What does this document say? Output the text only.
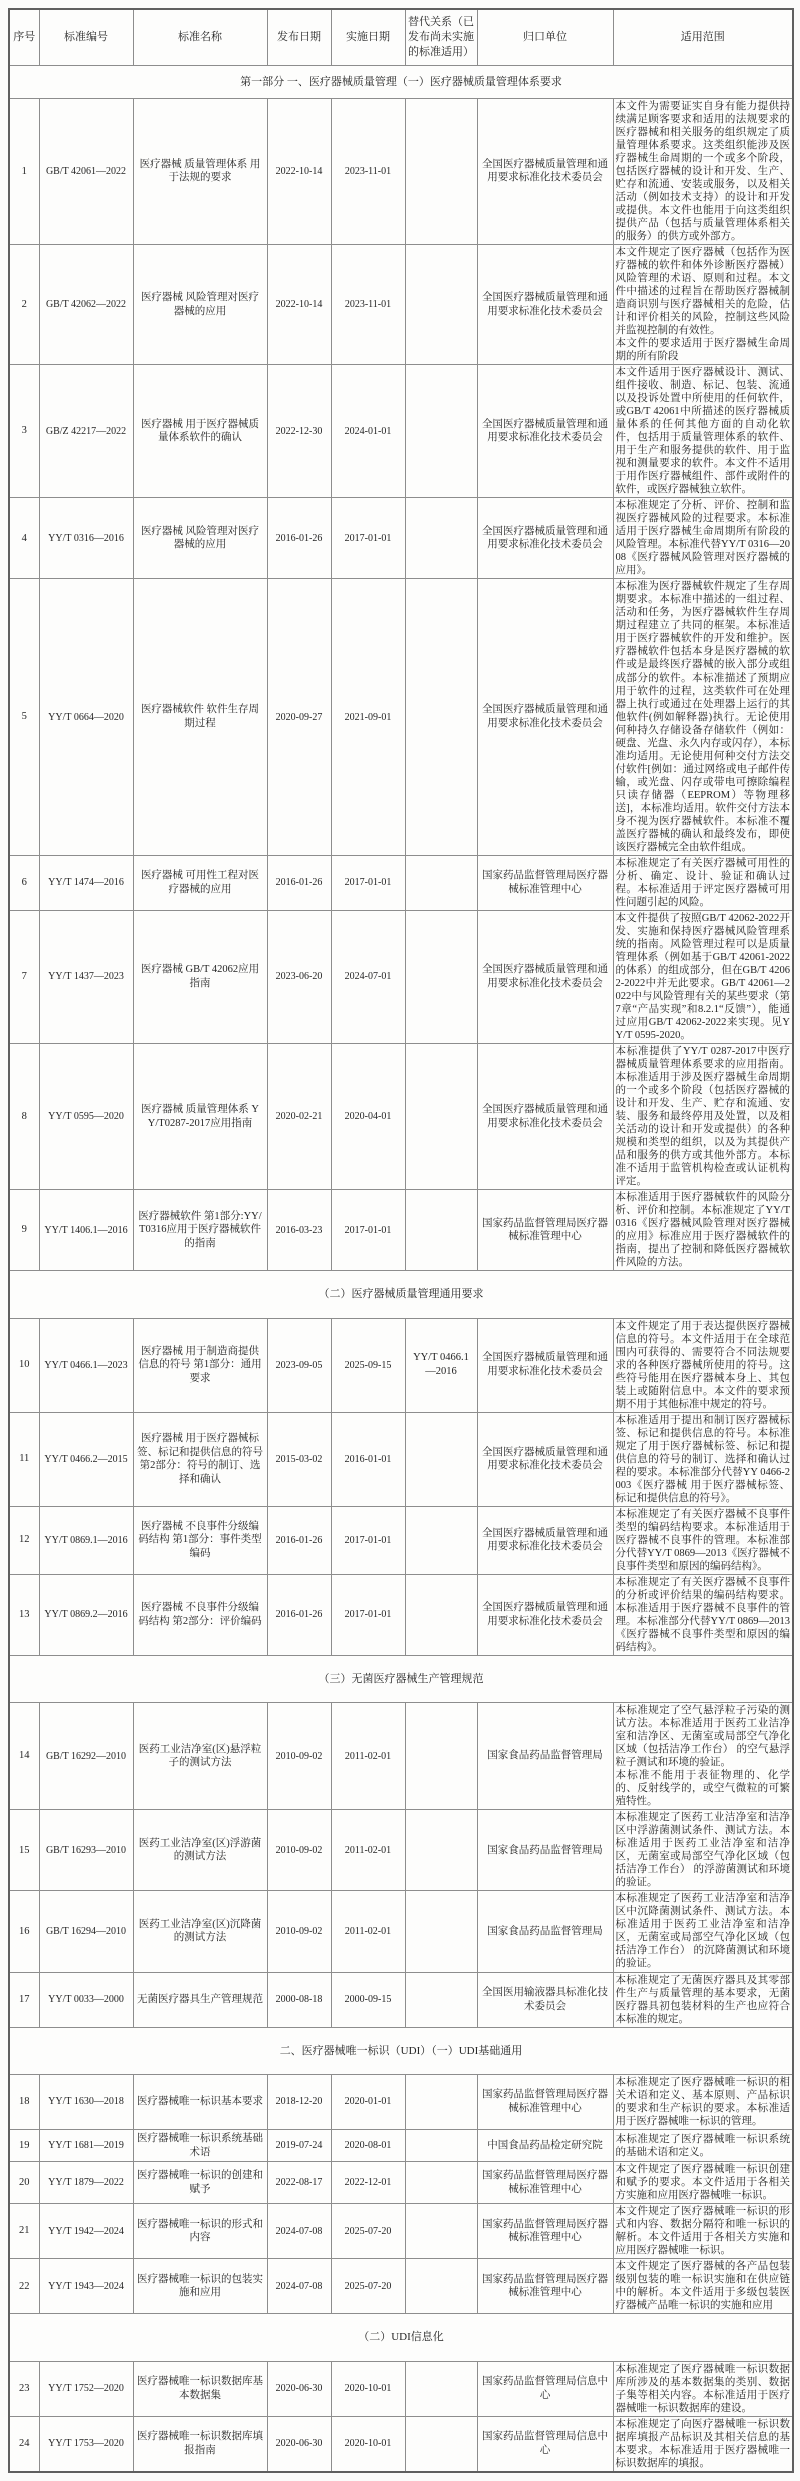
序号	标准编号	标准名称	发布日期	实施日期	替代关系（已发布尚未实施的标准适用）	归口单位	适用范围
第一部分 一、医疗器械质量管理（一）医疗器械质量管理体系要求							
1	GB/T 42061—2022	医疗器械 质量管理体系 用于法规的要求	2022-10-14	2023-11-01		全国医疗器械质量管理和通用要求标准化技术委员会	本文件为需要证实自身有能力提供持续满足顾客要求和适用的法规要求的医疗器械和相关服务的组织规定了质量管理体系要求。这类组织能涉及医疗器械生命周期的一个或多个阶段，包括医疗器械的设计和开发、生产、贮存和流通、安装或服务，以及相关活动（例如技术支持）的设计和开发或提供。本文件也能用于向这类组织提供产品（包括与质量管理体系相关的服务）的供方或外部方。

2	GB/T 42062—2022	医疗器械 风险管理对医疗器械的应用	2022-10-14	2023-11-01		全国医疗器械质量管理和通用要求标准化技术委员会	本文件规定了医疗器械（包括作为医疗器械的软件和体外诊断医疗器械）风险管理的术语、原则和过程。本文件中描述的过程旨在帮助医疗器械制造商识别与医疗器械相关的危险，估计和评价相关的风险，控制这些风险并监视控制的有效性。
本文件的要求适用于医疗器械生命周期的所有阶段

3	GB/Z 42217—2022	医疗器械 用于医疗器械质量体系软件的确认	2022-12-30	2024-01-01		全国医疗器械质量管理和通用要求标准化技术委员会	本文件适用于医疗器械设计、测试、组件接收、制造、标记、包装、流通以及投诉处置中所使用的任何软件，或GB/T 42061中所描述的医疗器械质量体系的任何其他方面的自动化软件，包括用于质量管理体系的软件、用于生产和服务提供的软件、用于监视和测量要求的软件。本文件不适用于用作医疗器械组件、部件或附件的软件，或医疗器械独立软件。

4	YY/T 0316—2016	医疗器械 风险管理对医疗器械的应用	2016-01-26	2017-01-01		全国医疗器械质量管理和通用要求标准化技术委员会	本标准规定了分析、评价、控制和监视医疗器械风险的过程要求。本标准适用于医疗器械生命周期所有阶段的风险管理。本标准代替YY/T 0316—2008《医疗器械风险管理对医疗器械的应用》。

5	YY/T 0664—2020	医疗器械软件 软件生存周期过程	2020-09-27	2021-09-01		全国医疗器械质量管理和通用要求标准化技术委员会	本标准为医疗器械软件规定了生存周期要求。本标准中描述的一组过程、活动和任务，为医疗器械软件生存周期过程建立了共同的框架。本标准适用于医疗器械软件的开发和维护。医疗器械软件包括本身是医疗器械的软件或是最终医疗器械的嵌入部分或组成部分的软件。本标准描述了预期应用于软件的过程，这类软件可在处理器上执行或通过在处理器上运行的其他软件(例如解释器)执行。无论使用何种持久存储设备存储软件（例如：硬盘、光盘、永久内存或闪存），本标准均适用。无论使用何种交付方法交付软件[例如：通过网络或电子邮件传输，或光盘、闪存或带电可擦除编程只读存储器（EEPROM）等物理移送]，本标准均适用。软件交付方法本身不视为医疗器械软件。本标准不覆盖医疗器械的确认和最终发布，即使该医疗器械完全由软件组成。

6	YY/T 1474—2016	医疗器械 可用性工程对医疗器械的应用	2016-01-26	2017-01-01		国家药品监督管理局医疗器械标准管理中心	本标准规定了有关医疗器械可用性的分析、确定、设计、验证和确认过程。本标准适用于评定医疗器械可用性问题引起的风险。

7	YY/T 1437—2023	医疗器械 GB/T 42062应用指南	2023-06-20	2024-07-01		全国医疗器械质量管理和通用要求标准化技术委员会	本文件提供了按照GB/T 42062-2022开发、实施和保持医疗器械风险管理系统的指南。风险管理过程可以是质量管理体系（例如基于GB/T 42061-2022的体系）的组成部分，但在GB/T 42062-2022中并无此要求。GB/T 42061—2022中与风险管理有关的某些要求（第7章“产品实现”和8.2.1“反馈”），能通过应用GB/T 42062-2022来实现。见YY/T 0595-2020。

8	YY/T 0595—2020	医疗器械 质量管理体系 YY/T0287-2017应用指南	2020-02-21	2020-04-01		全国医疗器械质量管理和通用要求标准化技术委员会	本标准提供了YY/T 0287-2017中医疗器械质量管理体系要求的应用指南。本标准适用于涉及医疗器械生命周期的一个或多个阶段（包括医疗器械的设计和开发、生产、贮存和流通、安装、服务和最终停用及处置，以及相关活动的设计和开发或提供）的各种规模和类型的组织，以及为其提供产品和服务的供方或其他外部方。本标准不适用于监管机构检查或认证机构评定。

9	YY/T 1406.1—2016	医疗器械软件 第1部分:YY/T0316应用于医疗器械软件的指南	2016-03-23	2017-01-01		国家药品监督管理局医疗器械标准管理中心	本标准适用于医疗器械软件的风险分析、评价和控制。本标准规定了YY/T 0316《医疗器械风险管理对医疗器械的应用》标准应用于医疗器械软件的指南，提出了控制和降低医疗器械软件风险的方法。

（二）医疗器械质量管理通用要求							
10	YY/T 0466.1—2023	医疗器械 用于制造商提供信息的符号 第1部分：通用要求	2023-09-05	2025-09-15	YY/T 0466.1—2016	全国医疗器械质量管理和通用要求标准化技术委员会	本文件规定了用于表达提供医疗器械信息的符号。本文件适用于在全球范围内可获得的、需要符合不同法规要求的各种医疗器械所使用的符号。这些符号能用在医疗器械本身上、其包装上或随附信息中。本文件的要求预期不用于其他标准中规定的符号。

11	YY/T 0466.2—2015	医疗器械 用于医疗器械标签、标记和提供信息的符号 第2部分：符号的制订、选择和确认	2015-03-02	2016-01-01		全国医疗器械质量管理和通用要求标准化技术委员会	本标准适用于提出和制订医疗器械标签、标记和提供信息的符号。本标准规定了用于医疗器械标签、标记和提供信息的符号的制订、选择和确认过程的要求。本标准部分代替YY 0466-2003《医疗器械 用于医疗器械标签、标记和提供信息的符号》。

12	YY/T 0869.1—2016	医疗器械 不良事件分级编码结构 第1部分：事件类型编码	2016-01-26	2017-01-01		全国医疗器械质量管理和通用要求标准化技术委员会	本标准规定了有关医疗器械不良事件类型的编码结构要求。本标准适用于医疗器械不良事件的管理。本标准部分代替YY/T 0869—2013《医疗器械不良事件类型和原因的编码结构》。

13	YY/T 0869.2—2016	医疗器械 不良事件分级编码结构 第2部分：评价编码	2016-01-26	2017-01-01		全国医疗器械质量管理和通用要求标准化技术委员会	本标准规定了有关医疗器械不良事件的分析或评价结果的编码结构要求。本标准适用于医疗器械不良事件的管理。本标准部分代替YY/T 0869—2013《医疗器械不良事件类型和原因的编码结构》。

（三）无菌医疗器械生产管理规范							
14	GB/T 16292—2010	医药工业洁净室(区)悬浮粒子的测试方法	2010-09-02	2011-02-01		国家食品药品监督管理局	本标准规定了空气悬浮粒子污染的测试方法。本标准适用于医药工业洁净室和洁净区、无菌室或局部空气净化区域（包括洁净工作台） 的空气悬浮粒子测试和环境的验证。
本标准不能用于表征物理的、化学的、反射线学的，或空气微粒的可繁殖特性。

15	GB/T 16293—2010	医药工业洁净室(区)浮游菌的测试方法	2010-09-02	2011-02-01		国家食品药品监督管理局	本标准规定了医药工业洁净室和洁净区中浮游菌测试条件、测试方法。本标准适用于医药工业洁净室和洁净区，无菌室或局部空气净化区域（包括洁净工作台） 的浮游菌测试和环境的验证。

16	GB/T 16294—2010	医药工业洁净室(区)沉降菌的测试方法	2010-09-02	2011-02-01		国家食品药品监督管理局	本标准规定了医药工业洁净室和洁净区中沉降菌测试条件、测试方法。本标准适用于医药工业洁净室和洁净区，无菌室或局部空气净化区域（包括洁净工作台） 的沉降菌测试和环境的验证。

17	YY/T 0033—2000	无菌医疗器具生产管理规范	2000-08-18	2000-09-15		全国医用输液器具标准化技术委员会	本标准规定了无菌医疗器具及其零部件生产与质量管理的基本要求，无菌医疗器具初包装材料的生产也应符合本标准的规定。

二、医疗器械唯一标识（UDI）（一）UDI基础通用							
18	YY/T 1630—2018	医疗器械唯一标识基本要求	2018-12-20	2020-01-01		国家药品监督管理局医疗器械标准管理中心	本标准规定了医疗器械唯一标识的相关术语和定义、基本原则、产品标识的要求和生产标识的要求。本标准适用于医疗器械唯一标识的管理。

19	YY/T 1681—2019	医疗器械唯一标识系统基础术语	2019-07-24	2020-08-01		中国食品药品检定研究院	本标准规定了医疗器械唯一标识系统的基础术语和定义。

20	YY/T 1879—2022	医疗器械唯一标识的创建和赋予	2022-08-17	2022-12-01		国家药品监督管理局医疗器械标准管理中心	本文件规定了医疗器械唯一标识创建和赋予的要求。本文件适用于各相关方实施和应用医疗器械唯一标识。

21	YY/T 1942—2024	医疗器械唯一标识的形式和内容	2024-07-08	2025-07-20		国家药品监督管理局医疗器械标准管理中心	本文件规定了医疗器械唯一标识的形式和内容、数据分隔符和唯一标识的解析。本文件适用于各相关方实施和应用医疗器械唯一标识。

22	YY/T 1943—2024	医疗器械唯一标识的包装实施和应用	2024-07-08	2025-07-20		国家药品监督管理局医疗器械标准管理中心	本文件规定了医疗器械的各产品包装级别包装的唯一标识实施和在供应链中的解析。本文件适用于多级包装医疗器械产品唯一标识的实施和应用

（二）UDI信息化							
23	YY/T 1752—2020	医疗器械唯一标识数据库基本数据集	2020-06-30	2020-10-01		国家药品监督管理局信息中心	本标准规定了医疗器械唯一标识数据库所涉及的基本数据集的类别、数据子集等相关内容。本标准适用于医疗器械唯一标识数据库的建设。

24	YY/T 1753—2020	医疗器械唯一标识数据库填报指南	2020-06-30	2020-10-01		国家药品监督管理局信息中心	本标准规定了向医疗器械唯一标识数据库填报产品标识及其相关信息的基本要求。本标准适用于医疗器械唯一标识数据库的填报。
